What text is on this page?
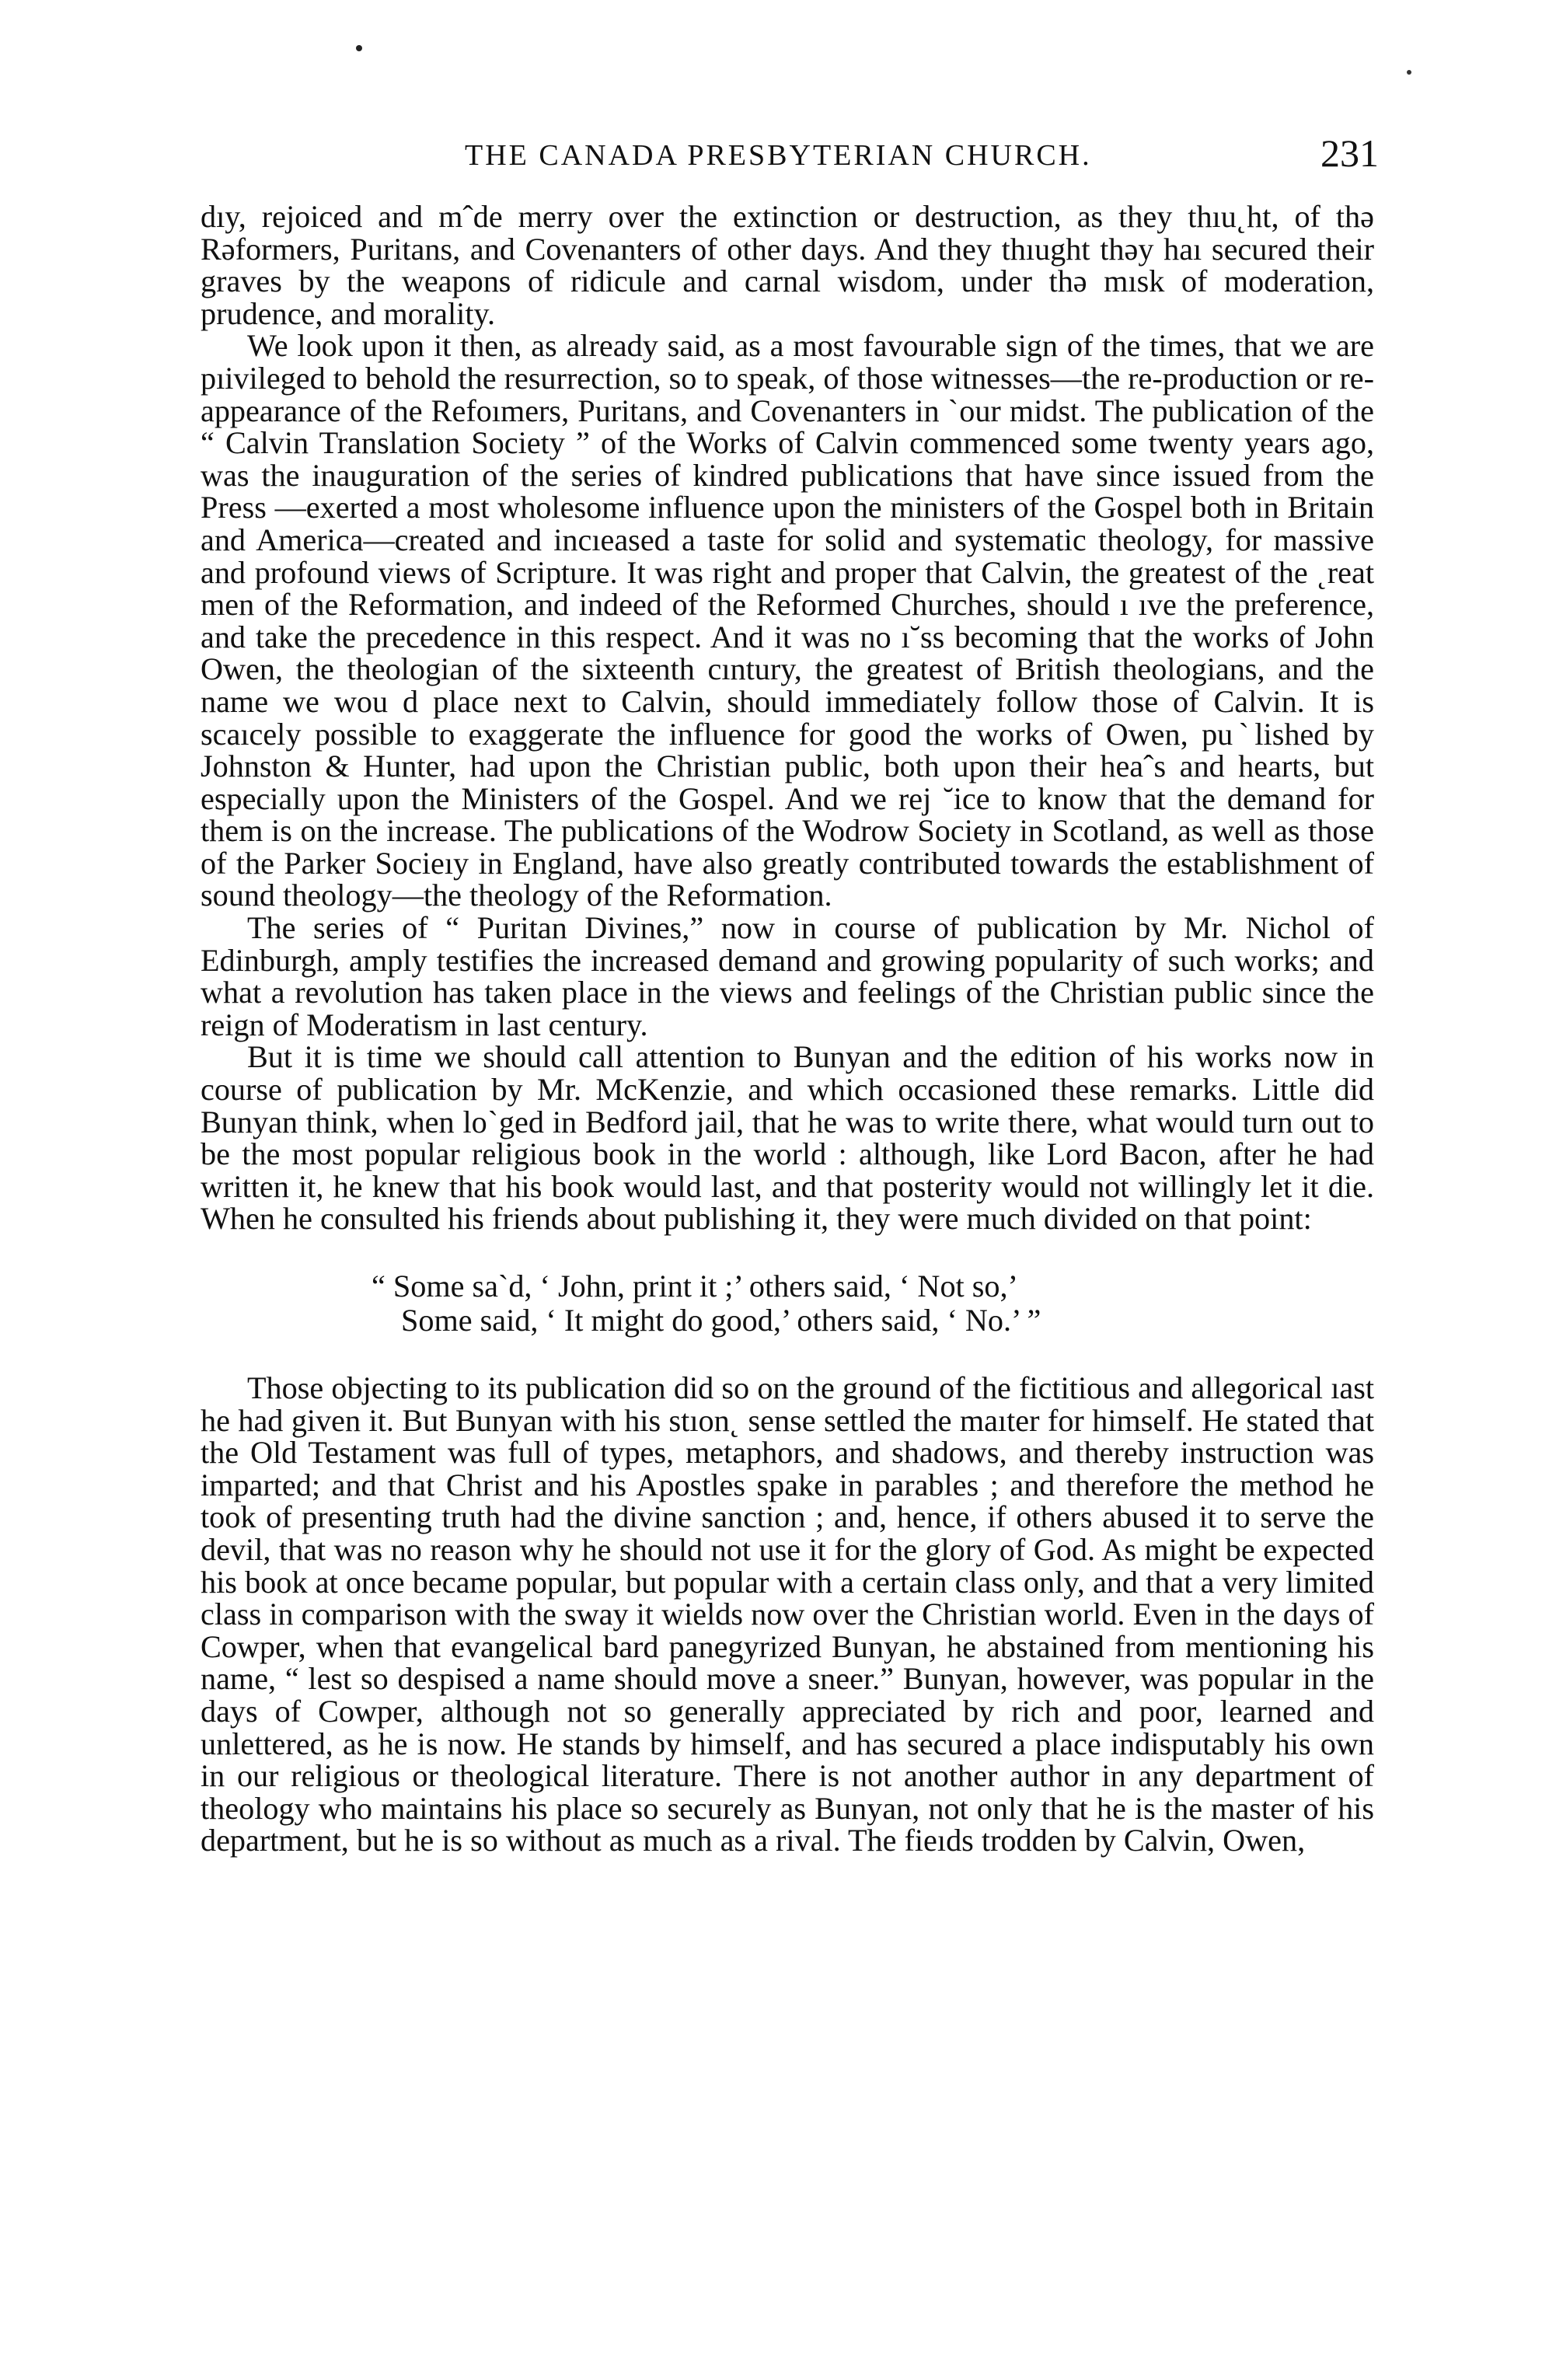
THE CANADA PRESBYTERIAN CHURCH.	231

dıy, rejoiced and mˆde merry over the extinction or destruction, as they thıu˛ht, of thə Rəformers, Puritans, and Covenanters of other days. And they thıught thəy haı secured their graves by the weapons of ridicule and carnal wisdom, under thə mısk of moderation, prudence, and morality.

We look upon it then, as already said, as a most favourable sign of the times, that we are pıivileged to behold the resurrection, so to speak, of those witnesses—the re-production or re-appearance of the Refoımers, Puritans, and Covenanters in ˋour midst. The publication of the “ Calvin Translation Society ” of the Works of Calvin commenced some twenty years ago, was the inauguration of the series of kindred publications that have since issued from the Press —exerted a most wholesome influence upon the ministers of the Gospel both in Britain and America—created and incıeased a taste for solid and systematic theology, for massive and profound views of Scripture. It was right and proper that Calvin, the greatest of the ˛reat men of the Reformation, and indeed of the Reformed Churches, should ı ıve the preference, and take the precedence in this respect. And it was no ı˘ss becoming that the works of John Owen, the theologian of the sixteenth cıntury, the greatest of British theologians, and the name we wou d place next to Calvin, should immediately follow those of Calvin. It is scaıcely possible to exaggerate the influence for good the works of Owen, puˋlished by Johnston & Hunter, had upon the Christian public, both upon their heaˆs and hearts, but especially upon the Ministers of the Gospel. And we rej ˘ice to know that the demand for them is on the increase. The publications of the Wodrow Society in Scotland, as well as those of the Parker Socieıy in England, have also greatly contributed towards the establishment of sound theology—the theology of the Reformation.

The series of “ Puritan Divines,” now in course of publication by Mr. Nichol of Edinburgh, amply testifies the increased demand and growing popularity of such works; and what a revolution has taken place in the views and feelings of the Christian public since the reign of Moderatism in last century.

But it is time we should call attention to Bunyan and the edition of his works now in course of publication by Mr. McKenzie, and which occasioned these remarks. Little did Bunyan think, when loˋged in Bedford jail, that he was to write there, what would turn out to be the most popular religious book in the world : although, like Lord Bacon, after he had written it, he knew that his book would last, and that posterity would not willingly let it die. When he consulted his friends about publishing it, they were much divided on that point:

“ Some saˋd, ‘ John, print it ;’ others said, ‘ Not so,’
Some said, ‘ It might do good,’ others said, ‘ No.’ ”

Those objecting to its publication did so on the ground of the fictitious and allegorical ıast he had given it. But Bunyan with his stıon˛ sense settled the maıter for himself. He stated that the Old Testament was full of types, metaphors, and shadows, and thereby instruction was imparted; and that Christ and his Apostles spake in parables ; and therefore the method he took of presenting truth had the divine sanction ; and, hence, if others abused it to serve the devil, that was no reason why he should not use it for the glory of God. As might be expected his book at once became popular, but popular with a certain class only, and that a very limited class in comparison with the sway it wields now over the Christian world. Even in the days of Cowper, when that evangelical bard panegyrized Bunyan, he abstained from mentioning his name, “ lest so despised a name should move a sneer.” Bunyan, however, was popular in the days of Cowper, although not so generally appreciated by rich and poor, learned and unlettered, as he is now. He stands by himself, and has secured a place indisputably his own in our religious or theological literature. There is not another author in any department of theology who maintains his place so securely as Bunyan, not only that he is the master of his department, but he is so without as much as a rival. The fieıds trodden by Calvin, Owen,
